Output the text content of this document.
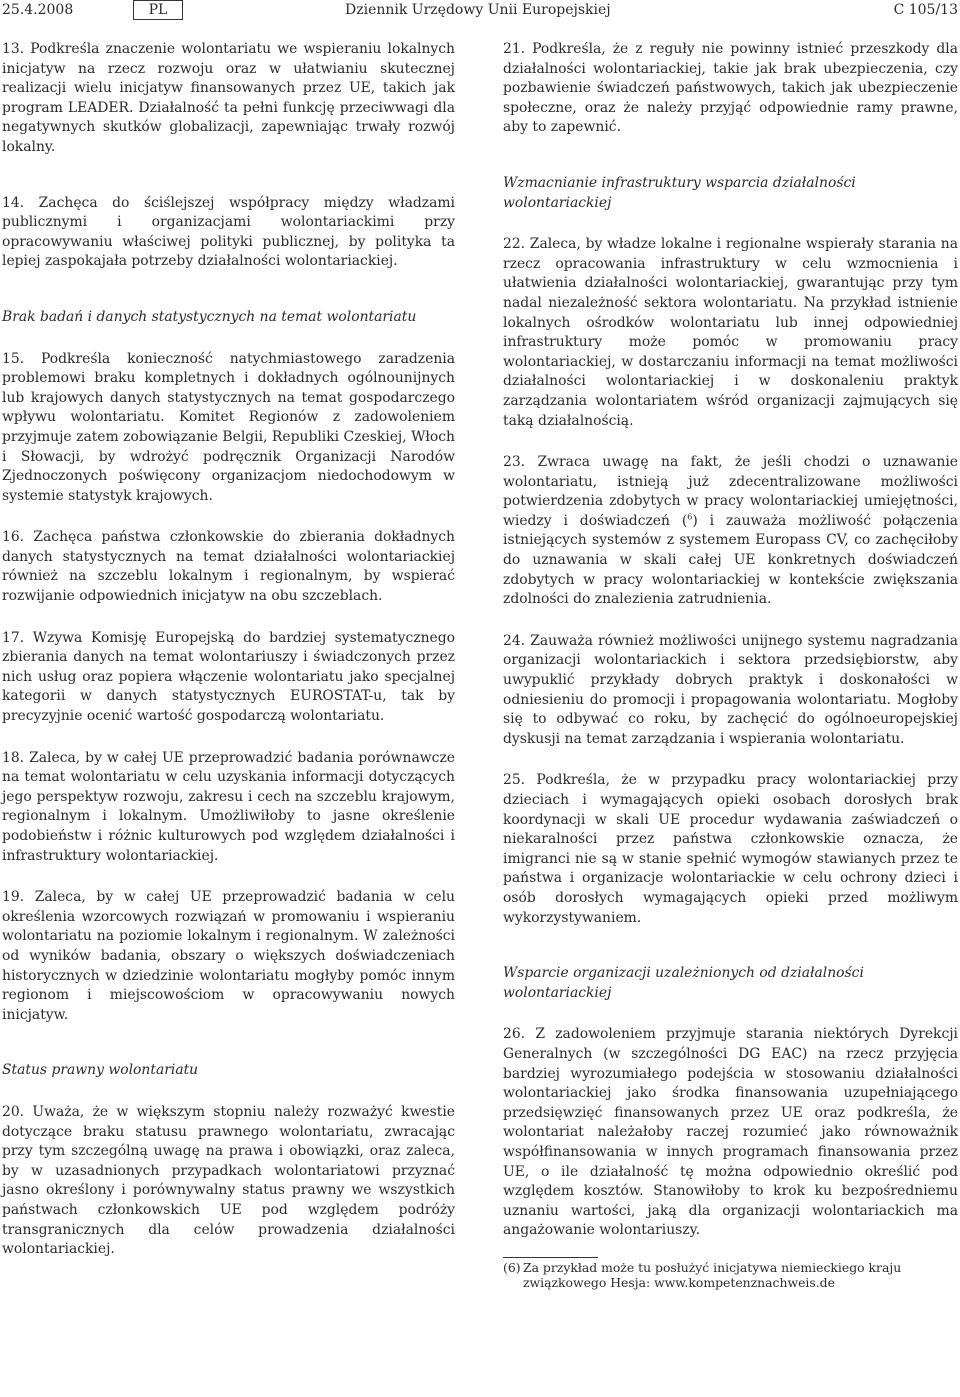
25.4.2008	PL	Dziennik Urzędowy Unii Europejskiej	C 105/13

13. Podkreśla znaczenie wolontariatu we wspieraniu lokalnych inicjatyw na rzecz rozwoju oraz w ułatwianiu skutecznej realizacji wielu inicjatyw finansowanych przez UE, takich jak program LEADER. Działalność ta pełni funkcję przeciwwagi dla negatywnych skutków globalizacji, zapewniając trwały rozwój lokalny.

14. Zachęca do ściślejszej współpracy między władzami publicznymi i organizacjami wolontariackimi przy opracowywaniu właściwej polityki publicznej, by polityka ta lepiej zaspokajała potrzeby działalności wolontariackiej.

Brak badań i danych statystycznych na temat wolontariatu

15. Podkreśla konieczność natychmiastowego zaradzenia problemowi braku kompletnych i dokładnych ogólnounijnych lub krajowych danych statystycznych na temat gospodarczego wpływu wolontariatu. Komitet Regionów z zadowoleniem przyjmuje zatem zobowiązanie Belgii, Republiki Czeskiej, Włoch i Słowacji, by wdrożyć podręcznik Organizacji Narodów Zjednoczonych poświęcony organizacjom niedochodowym w systemie statystyk krajowych.

16. Zachęca państwa członkowskie do zbierania dokładnych danych statystycznych na temat działalności wolontariackiej również na szczeblu lokalnym i regionalnym, by wspierać rozwijanie odpowiednich inicjatyw na obu szczeblach.

17. Wzywa Komisję Europejską do bardziej systematycznego zbierania danych na temat wolontariuszy i świadczonych przez nich usług oraz popiera włączenie wolontariatu jako specjalnej kategorii w danych statystycznych EUROSTAT-u, tak by precyzyjnie ocenić wartość gospodarczą wolontariatu.

18. Zaleca, by w całej UE przeprowadzić badania porównawcze na temat wolontariatu w celu uzyskania informacji dotyczących jego perspektyw rozwoju, zakresu i cech na szczeblu krajowym, regionalnym i lokalnym. Umożliwiłoby to jasne określenie podobieństw i różnic kulturowych pod względem działalności i infrastruktury wolontariackiej.

19. Zaleca, by w całej UE przeprowadzić badania w celu określenia wzorcowych rozwiązań w promowaniu i wspieraniu wolontariatu na poziomie lokalnym i regionalnym. W zależności od wyników badania, obszary o większych doświadczeniach historycznych w dziedzinie wolontariatu mogłyby pomóc innym regionom i miejscowościom w opracowywaniu nowych inicjatyw.

Status prawny wolontariatu

20. Uważa, że w większym stopniu należy rozważyć kwestie dotyczące braku statusu prawnego wolontariatu, zwracając przy tym szczególną uwagę na prawa i obowiązki, oraz zaleca, by w uzasadnionych przypadkach wolontariatowi przyznać jasno określony i porównywalny status prawny we wszystkich państwach członkowskich UE pod względem podróży transgranicznych dla celów prowadzenia działalności wolontariackiej.

21. Podkreśla, że z reguły nie powinny istnieć przeszkody dla działalności wolontariackiej, takie jak brak ubezpieczenia, czy pozbawienie świadczeń państwowych, takich jak ubezpieczenie społeczne, oraz że należy przyjąć odpowiednie ramy prawne, aby to zapewnić.

Wzmacnianie infrastruktury wsparcia działalności wolontariackiej

22. Zaleca, by władze lokalne i regionalne wspierały starania na rzecz opracowania infrastruktury w celu wzmocnienia i ułatwienia działalności wolontariackiej, gwarantując przy tym nadal niezależność sektora wolontariatu. Na przykład istnienie lokalnych ośrodków wolontariatu lub innej odpowiedniej infrastruktury może pomóc w promowaniu pracy wolontariackiej, w dostarczaniu informacji na temat możliwości działalności wolontariackiej i w doskonaleniu praktyk zarządzania wolontariatem wśród organizacji zajmujących się taką działalnością.

23. Zwraca uwagę na fakt, że jeśli chodzi o uznawanie wolontariatu, istnieją już zdecentralizowane możliwości potwierdzenia zdobytych w pracy wolontariackiej umiejętności, wiedzy i doświadczeń ($^6$) i zauważa możliwość połączenia istniejących systemów z systemem Europass CV, co zachęciłoby do uznawania w skali całej UE konkretnych doświadczeń zdobytych w pracy wolontariackiej w kontekście zwiększania zdolności do znalezienia zatrudnienia.

24. Zauważa również możliwości unijnego systemu nagradzania organizacji wolontariackich i sektora przedsiębiorstw, aby uwypuklić przykłady dobrych praktyk i doskonałości w odniesieniu do promocji i propagowania wolontariatu. Mogłoby się to odbywać co roku, by zachęcić do ogólnoeuropejskiej dyskusji na temat zarządzania i wspierania wolontariatu.

25. Podkreśla, że w przypadku pracy wolontariackiej przy dzieciach i wymagających opieki osobach dorosłych brak koordynacji w skali UE procedur wydawania zaświadczeń o niekaralności przez państwa członkowskie oznacza, że imigranci nie są w stanie spełnić wymogów stawianych przez te państwa i organizacje wolontariackie w celu ochrony dzieci i osób dorosłych wymagających opieki przed możliwym wykorzystywaniem.

Wsparcie organizacji uzależnionych od działalności wolontariackiej

26. Z zadowoleniem przyjmuje starania niektórych Dyrekcji Generalnych (w szczególności DG EAC) na rzecz przyjęcia bardziej wyrozumiałego podejścia w stosowaniu działalności wolontariackiej jako środka finansowania uzupełniającego przedsięwzięć finansowanych przez UE oraz podkreśla, że wolontariat należałoby raczej rozumieć jako równoważnik współfinansowania w innych programach finansowania przez UE, o ile działalność tę można odpowiednio określić pod względem kosztów. Stanowiłoby to krok ku bezpośredniemu uznaniu wartości, jaką dla organizacji wolontariackich ma angażowanie wolontariuszy.

(6) Za przykład może tu posłużyć inicjatywa niemieckiego kraju związkowego Hesja: www.kompetenznachweis.de
